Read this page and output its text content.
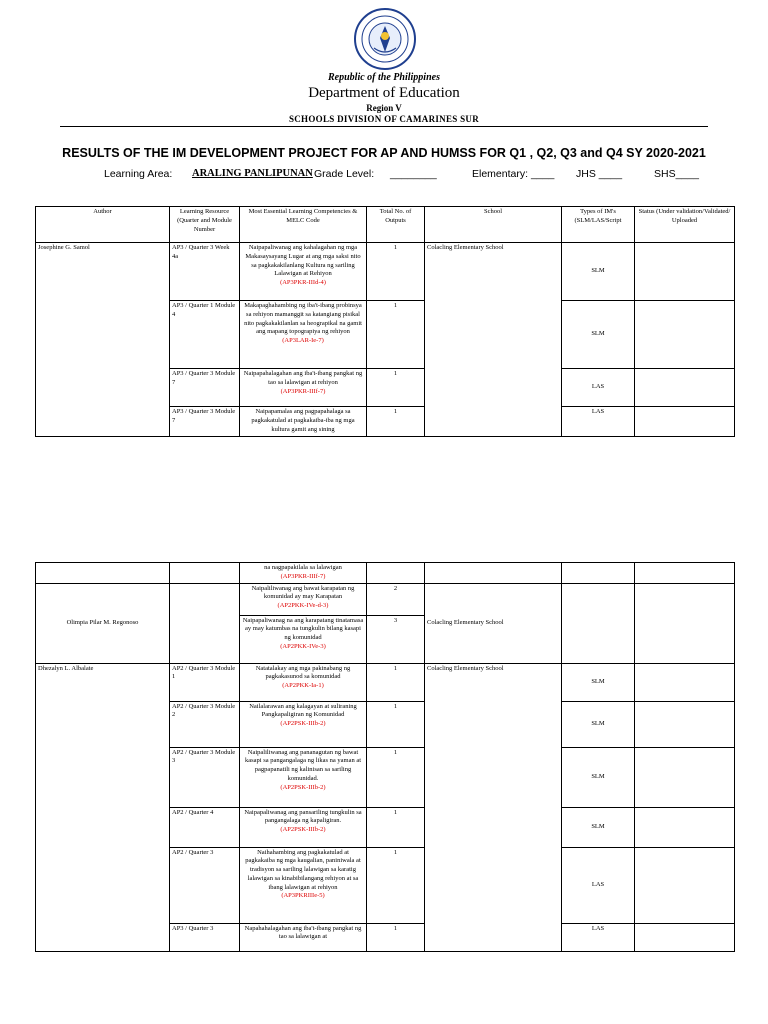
Republic of the Philippines
Department of Education
Region V
SCHOOLS DIVISION OF CAMARINES SUR
RESULTS OF THE IM DEVELOPMENT PROJECT FOR AP AND HUMSS FOR Q1 , Q2, Q3 and Q4 SY 2020-2021
Learning Area: ARALING PANLIPUNAN Grade Level: ________	Elementary: ____ JHS ____	SHS____
Author	Learning Resource (Quarter and Module Number	Most Essential Learning Competencies & MELC Code	Total No. of Outputs	School	Types of IM's (SLM/LAS/Script	Status (Under validation/Validated/ Uploaded
Josephine G. Samol	AP3 / Quarter 3 Week 4a	Naipapaliwanag ang kahalagahan ng mga Makasaysayang Lugar at ang mga saksi nito sa pagkakakilanlang Kultura ng sariling Lalawigan at Rehiyon
(AP3PKR-IIId-4)	1	Colacling Elementary School	SLM	
	AP3 / Quarter 1 Module 4	Makapaghahambing ng iba't-ibang probinsya sa rehiyon mamanggit sa katangiang pisikal nito pagkakakilanlan sa heograpikal na gamit ang mapang topograpiya ng rehiyon
(AP3LAR-Ie-7)	1		SLM	
	AP3 / Quarter 3 Module 7	Naipapahalagahan ang iba't-ibang pangkat ng tao sa lalawigan at rehiyon
(AP3PKR-IIIf-7)	1		LAS	
	AP3 / Quarter 3 Module 7	Naipapamalas ang pagpapahalaga sa pagkakatulad at pagkakaiba-iba ng mga kultura gamit ang sining	1		LAS	
		na nagpapakilala sa lalawigan
(AP3PKR-IIIf-7)				
Olimpia Pilar M. Regonoso		Naipaliliwanag ang bawat karapatan ng komunidad ay may Karapatan
(AP2PKK-IVe-d-3)	2	Colacling Elementary School		
		Naipapaliwanag na ang karapatang tinatamasa ay may katumbas na tungkulin bilang kasapi ng komunidad
(AP2PKK-IVe-3)	3			
Dhezalyn L. Albalate	AP2 / Quarter 3 Module 1	Natatalakay ang mga pakinabang ng pagkakasunod sa komunidad
(AP2PKK-Ia-1)	1	Colacling Elementary School	SLM	
	AP2 / Quarter 3 Module 2	Nailalarawan ang kalagayan at suliraning Pangkapaligiran ng Komunidad
(AP2PSK-IIIb-2)	1		SLM	
	AP2 / Quarter 3 Module 3	Naipaliliwanag ang pananagutan ng bawat kasapi sa pangangalaga ng likas na yaman at pagpapanatili ng kalinisan sa sariling komunidad.
(AP2PSK-IIIb-2)	1		SLM	
	AP2 / Quarter 4	Naipapaliwanag ang pansariling tungkulin sa pangangalaga ng kapaligiran.
(AP2PSK-IIIb-2)	1		SLM	
	AP2 / Quarter 3	Naihahambing ang pagkakatulad at pagkakaiba ng mga kaugalian, paniniwala at tradisyon sa sariling lalawigan sa karatig lalawigan sa kinabibilangang rehiyon at sa ibang lalawigan at rehiyon
(AP3PKRIIIe-5)	1		LAS	
	AP3 / Quarter 3	Napahahalagahan ang iba't-ibang pangkat ng tao sa lalawigan at	1		LAS	
